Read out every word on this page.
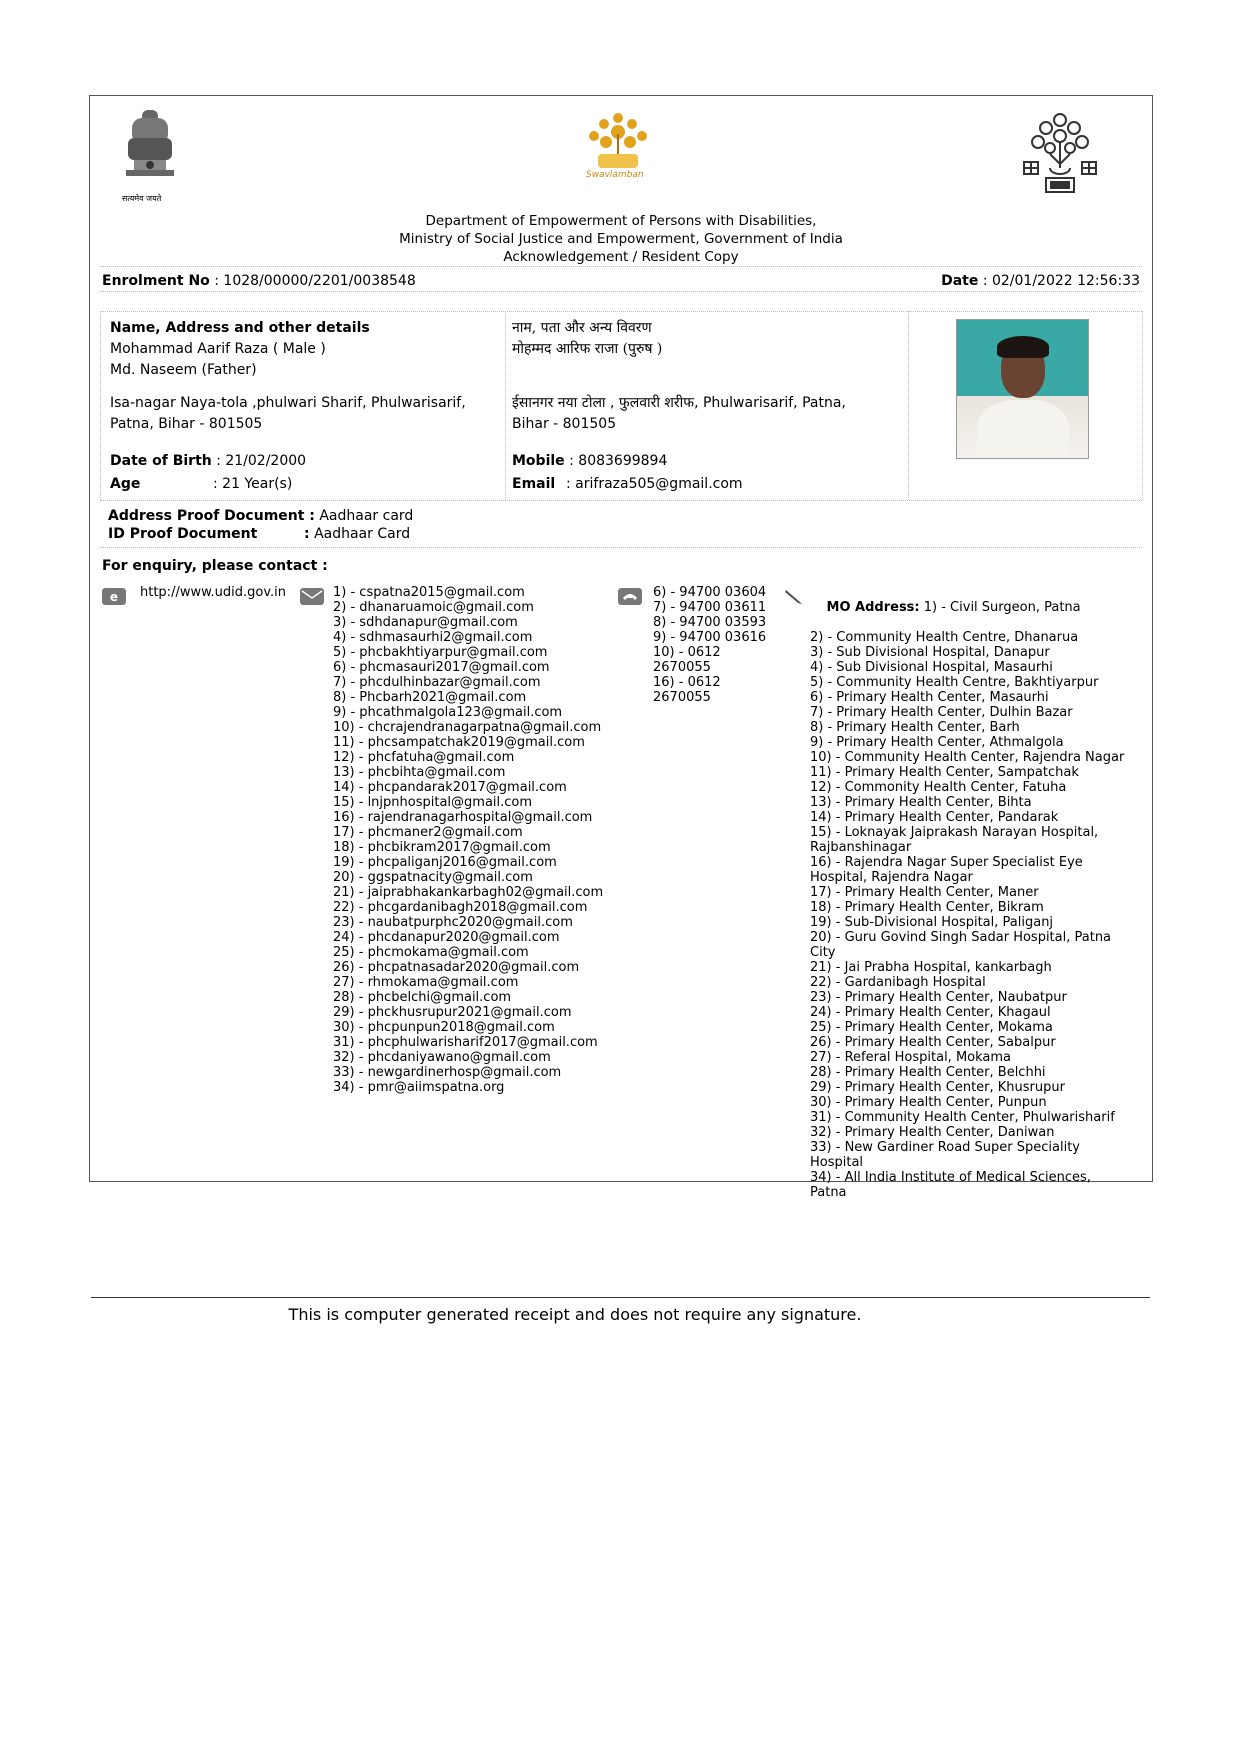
सत्यमेव जयते
Swavlamban
Department of Empowerment of Persons with Disabilities,
Ministry of Social Justice and Empowerment, Government of India
Acknowledgement / Resident Copy
Enrolment No : 1028/00000/2201/0038548	Date : 02/01/2022 12:56:33
Name, Address and other details
Mohammad Aarif Raza ( Male )
Md. Naseem (Father)
Isa-nagar Naya-tola ,phulwari Sharif, Phulwarisarif,
Patna, Bihar - 801505
Date of Birth : 21/02/2000
Age	: 21 Year(s)
नाम, पता और अन्य विवरण
मोहम्मद आरिफ राजा (पुरुष )
ईसानगर नया टोला , फुलवारी शरीफ, Phulwarisarif, Patna,
Bihar - 801505
Mobile : 8083699894
Email : arifraza505@gmail.com
Address Proof Document : Aadhaar card
ID Proof Document	: Aadhaar Card
For enquiry, please contact :
e http://www.udid.gov.in	1) - cspatna2015@gmail.com
2) - dhanaruamoic@gmail.com
3) - sdhdanapur@gmail.com
4) - sdhmasaurhi2@gmail.com
5) - phcbakhtiyarpur@gmail.com
6) - phcmasauri2017@gmail.com
7) - phcdulhinbazar@gmail.com
8) - Phcbarh2021@gmail.com
9) - phcathmalgola123@gmail.com
10) - chcrajendranagarpatna@gmail.com
11) - phcsampatchak2019@gmail.com
12) - phcfatuha@gmail.com
13) - phcbihta@gmail.com
14) - phcpandarak2017@gmail.com
15) - lnjpnhospital@gmail.com
16) - rajendranagarhospital@gmail.com
17) - phcmaner2@gmail.com
18) - phcbikram2017@gmail.com
19) - phcpaliganj2016@gmail.com
20) - ggspatnacity@gmail.com
21) - jaiprabhakankarbagh02@gmail.com
22) - phcgardanibagh2018@gmail.com
23) - naubatpurphc2020@gmail.com
24) - phcdanapur2020@gmail.com
25) - phcmokama@gmail.com
26) - phcpatnasadar2020@gmail.com
27) - rhmokama@gmail.com
28) - phcbelchi@gmail.com
29) - phckhusrupur2021@gmail.com
30) - phcpunpun2018@gmail.com
31) - phcphulwarisharif2017@gmail.com
32) - phcdaniyawano@gmail.com
33) - newgardinerhosp@gmail.com
34) - pmr@aiimspatna.org
6) - 94700 03604
7) - 94700 03611
8) - 94700 03593
9) - 94700 03616
10) - 0612
2670055
16) - 0612
2670055

MO Address: 1) - Civil Surgeon, Patna

2) - Community Health Centre, Dhanarua
3) - Sub Divisional Hospital, Danapur
4) - Sub Divisional Hospital, Masaurhi
5) - Community Health Centre, Bakhtiyarpur
6) - Primary Health Center, Masaurhi
7) - Primary Health Center, Dulhin Bazar
8) - Primary Health Center, Barh
9) - Primary Health Center, Athmalgola
10) - Community Health Center, Rajendra Nagar
11) - Primary Health Center, Sampatchak
12) - Commonity Health Center, Fatuha
13) - Primary Health Center, Bihta
14) - Primary Health Center, Pandarak
15) - Loknayak Jaiprakash Narayan Hospital,
Rajbanshinagar
16) - Rajendra Nagar Super Specialist Eye
Hospital, Rajendra Nagar
17) - Primary Health Center, Maner
18) - Primary Health Center, Bikram
19) - Sub-Divisional Hospital, Paliganj
20) - Guru Govind Singh Sadar Hospital, Patna
City
21) - Jai Prabha Hospital, kankarbagh
22) - Gardanibagh Hospital
23) - Primary Health Center, Naubatpur
24) - Primary Health Center, Khagaul
25) - Primary Health Center, Mokama
26) - Primary Health Center, Sabalpur
27) - Referal Hospital, Mokama
28) - Primary Health Center, Belchhi
29) - Primary Health Center, Khusrupur
30) - Primary Health Center, Punpun
31) - Community Health Center, Phulwarisharif
32) - Primary Health Center, Daniwan
33) - New Gardiner Road Super Speciality
Hospital
34) - All India Institute of Medical Sciences,
Patna

This is computer generated receipt and does not require any signature.
